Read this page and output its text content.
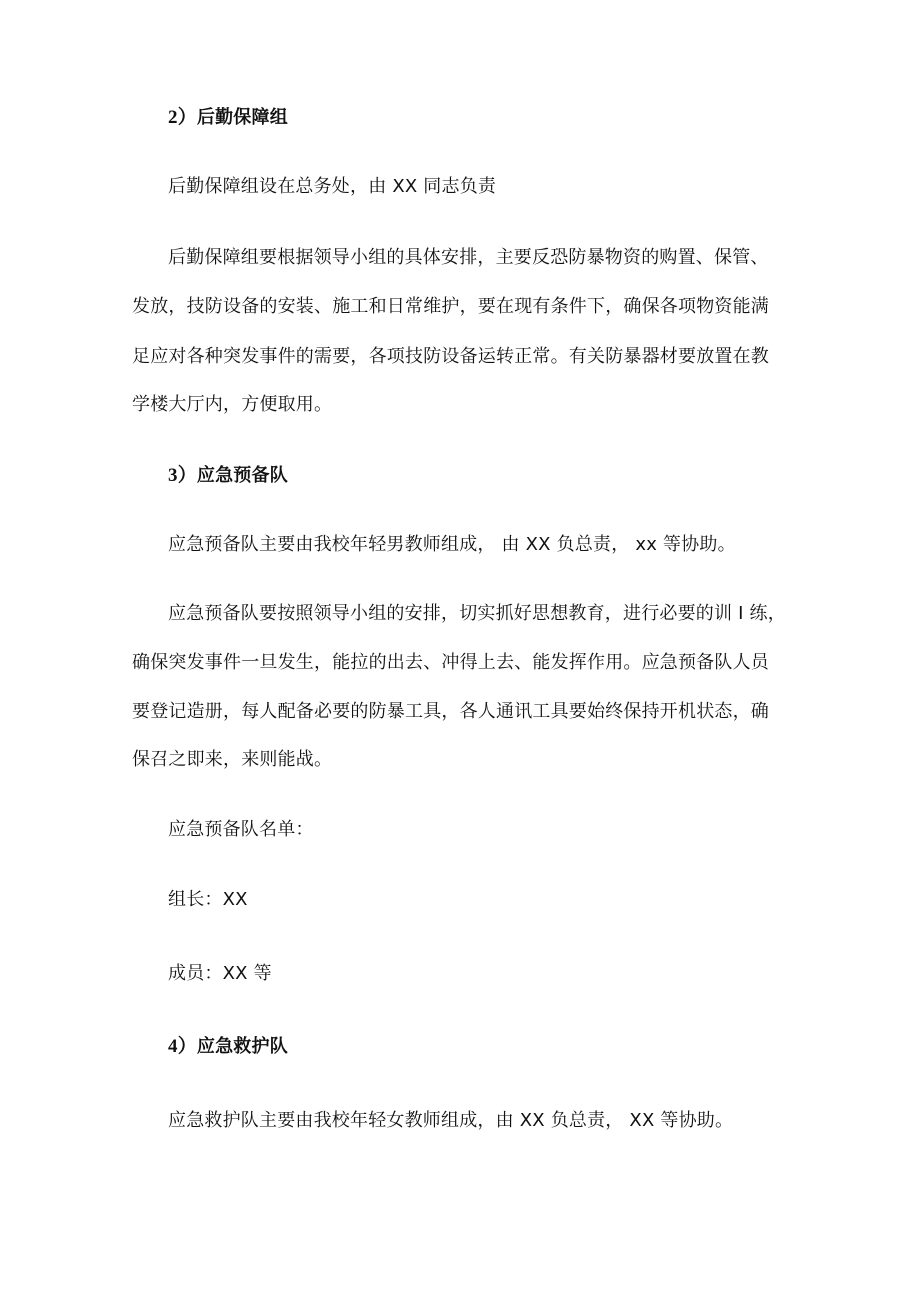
2）后勤保障组
后勤保障组设在总务处，由 XX 同志负责
后勤保障组要根据领导小组的具体安排，主要反恐防暴物资的购置、保管、
发放，技防设备的安装、施工和日常维护，要在现有条件下，确保各项物资能满
足应对各种突发事件的需要，各项技防设备运转正常。有关防暴器材要放置在教
学楼大厅内，方便取用。
3）应急预备队
应急预备队主要由我校年轻男教师组成， 由 XX 负总责， xx 等协助。
应急预备队要按照领导小组的安排，切实抓好思想教育，进行必要的训 I 练，
确保突发事件一旦发生，能拉的出去、冲得上去、能发挥作用。应急预备队人员
要登记造册，每人配备必要的防暴工具，各人通讯工具要始终保持开机状态，确
保召之即来，来则能战。
应急预备队名单：
组长：XX
成员：XX 等
4）应急救护队
应急救护队主要由我校年轻女教师组成，由 XX 负总责， XX 等协助。
